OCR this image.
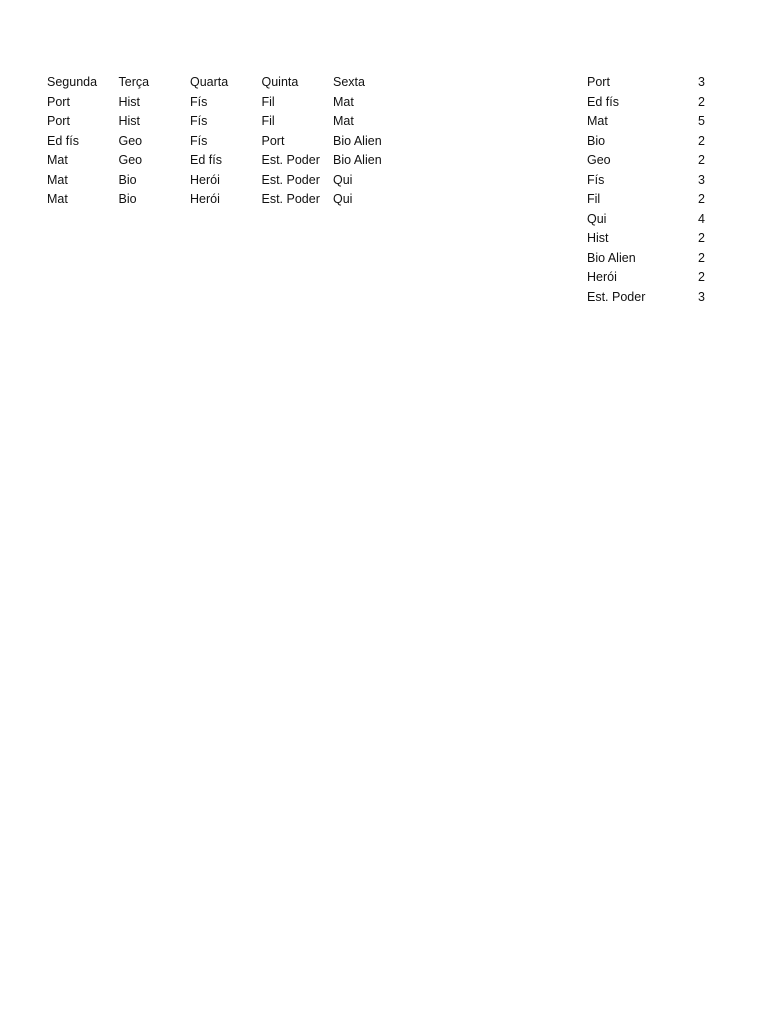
Segunda	Terça	Quarta	Quinta	Sexta
Port	Hist	Fís	Fil	Mat
Port	Hist	Fís	Fil	Mat
Ed fís	Geo	Fís	Port	Bio Alien
Mat	Geo	Ed fís	Est. Poder	Bio Alien
Mat	Bio	Herói	Est. Poder	Qui
Mat	Bio	Herói	Est. Poder	Qui
Port	3
Ed fís	2
Mat	5
Bio	2
Geo	2
Fís	3
Fil	2
Qui	4
Hist	2
Bio Alien	2
Herói	2
Est. Poder	3
